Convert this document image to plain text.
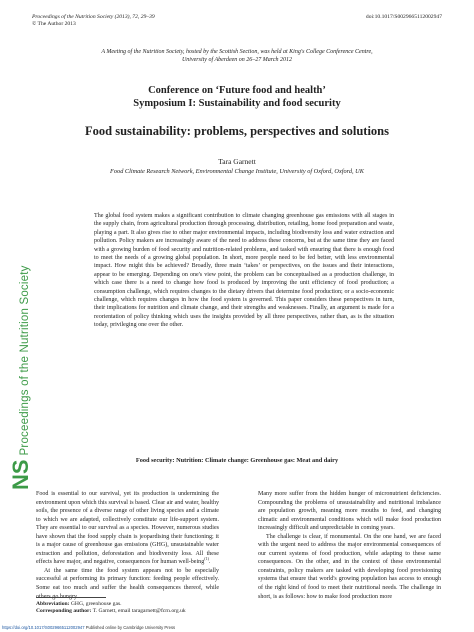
Proceedings of the Nutrition Society (2013), 72, 29–39
© The Author 2013
doi:10.1017/S0029665112002947
A Meeting of the Nutrition Society, hosted by the Scottish Section, was held at King's College Conference Centre,
University of Aberdeen on 26–27 March 2012
Conference on ‘Future food and health’
Symposium I: Sustainability and food security
Food sustainability: problems, perspectives and solutions
Tara Garnett
Food Climate Research Network, Environmental Change Institute, University of Oxford, Oxford, UK
The global food system makes a significant contribution to climate changing greenhouse gas emissions with all stages in the supply chain, from agricultural production through processing, distribution, retailing, home food preparation and waste, playing a part. It also gives rise to other major environmental impacts, including biodiversity loss and water extraction and pollution. Policy makers are increasingly aware of the need to address these concerns, but at the same time they are faced with a growing burden of food security and nutrition-related problems, and tasked with ensuring that there is enough food to meet the needs of a growing global population. In short, more people need to be fed better, with less environmental impact. How might this be achieved? Broadly, three main ‘takes’ or perspectives, on the issues and their interactions, appear to be emerging. Depending on one's view point, the problem can be conceptualised as a production challenge, in which case there is a need to change how food is produced by improving the unit efficiency of food production; a consumption challenge, which requires changes to the dietary drivers that determine food production; or a socio-economic challenge, which requires changes in how the food system is governed. This paper considers these perspectives in turn, their implications for nutrition and climate change, and their strengths and weaknesses. Finally, an argument is made for a reorientation of policy thinking which uses the insights provided by all three perspectives, rather than, as is the situation today, privileging one over the other.
Food security: Nutrition: Climate change: Greenhouse gas: Meat and dairy
NS
Proceedings of the Nutrition Society

Food is essential to our survival, yet its production is undermining the environment upon which this survival is based. Clear air and water, healthy soils, the presence of a diverse range of other living species and a climate to which we are adapted, collectively constitute our life-support system. They are essential to our survival as a species. However, numerous studies have shown that the food supply chain is jeopardising their functioning; it is a major cause of greenhouse gas emissions (GHG), unsustainable water extraction and pollution, deforestation and biodiversity loss. All these effects have major, and negative, consequences for human well-being$^{(1)}$.

At the same time the food system appears not to be especially successful at performing its primary function: feeding people effectively. Some eat too much and suffer the health consequences thereof, while others go hungry.

Many more suffer from the hidden hunger of micronutrient deficiencies. Compounding the problems of unsustainability and nutritional imbalance are population growth, meaning more mouths to feed, and changing climatic and environmental conditions which will make food production increasingly difficult and unpredictable in coming years.

The challenge is clear, if monumental. On the one hand, we are faced with the urgent need to address the major environmental consequences of our current systems of food production, while adapting to these same consequences. On the other, and in the context of these environmental constraints, policy makers are tasked with developing food provisioning systems that ensure that world's growing population has access to enough of the right kind of food to meet their nutritional needs. The challenge in short, is as follows: how to make food production more

Abbreviation: GHG, greenhouse gas.
Corresponding author: T. Garnett, email taragarnett@fcrn.org.uk
https://doi.org/10.1017/S0029665112002947 Published online by Cambridge University Press
